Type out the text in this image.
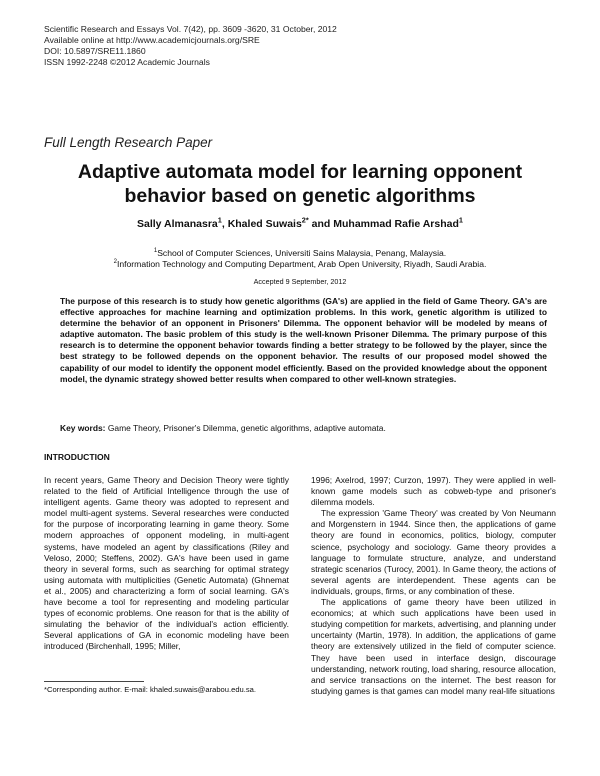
Scientific Research and Essays Vol. 7(42), pp. 3609 -3620, 31 October, 2012
Available online at http://www.academicjournals.org/SRE
DOI: 10.5897/SRE11.1860
ISSN 1992-2248 ©2012 Academic Journals
Full Length Research Paper
Adaptive automata model for learning opponent
behavior based on genetic algorithms
Sally Almanasra$^1$, Khaled Suwais$^{2*}$ and Muhammad Rafie Arshad$^1$
$^1$School of Computer Sciences, Universiti Sains Malaysia, Penang, Malaysia.
$^2$Information Technology and Computing Department, Arab Open University, Riyadh, Saudi Arabia.
Accepted 9 September, 2012
The purpose of this research is to study how genetic algorithms (GA's) are applied in the field of Game Theory. GA's are effective approaches for machine learning and optimization problems. In this work, genetic algorithm is utilized to determine the behavior of an opponent in Prisoners' Dilemma. The opponent behavior will be modeled by means of adaptive automaton. The basic problem of this study is the well-known Prisoner Dilemma. The primary purpose of this research is to determine the opponent behavior towards finding a better strategy to be followed by the player, since the best strategy to be followed depends on the opponent behavior. The results of our proposed model showed the capability of our model to identify the opponent model efficiently. Based on the provided knowledge about the opponent model, the dynamic strategy showed better results when compared to other well-known strategies.
Key words: Game Theory, Prisoner's Dilemma, genetic algorithms, adaptive automata.
INTRODUCTION

In recent years, Game Theory and Decision Theory were tightly related to the field of Artificial Intelligence through the use of intelligent agents. Game theory was adopted to represent and model multi-agent systems. Several researches were conducted for the purpose of incorporating learning in game theory. Some modern approaches of opponent modeling, in multi-agent systems, have modeled an agent by classifications (Riley and Veloso, 2000; Steffens, 2002). GA's have been used in game theory in several forms, such as searching for optimal strategy using automata with multiplicities (Genetic Automata) (Ghnemat et al., 2005) and characterizing a form of social learning. GA's have become a tool for representing and modeling particular types of economic problems. One reason for that is the ability of simulating the behavior of the individual's action efficiently. Several applications of GA in economic modeling have been introduced (Birchenhall, 1995; Miller,

1996; Axelrod, 1997; Curzon, 1997). They were applied in well-known game models such as cobweb-type and prisoner's dilemma models.

The expression 'Game Theory' was created by Von Neumann and Morgenstern in 1944. Since then, the applications of game theory are found in economics, politics, biology, computer science, psychology and sociology. Game theory provides a language to formulate structure, analyze, and understand strategic scenarios (Turocy, 2001). In Game theory, the actions of several agents are interdependent. These agents can be individuals, groups, firms, or any combination of these.

The applications of game theory have been utilized in economics; at which such applications have been used in studying competition for markets, advertising, and planning under uncertainty (Martin, 1978). In addition, the applications of game theory are extensively utilized in the field of computer science. They have been used in interface design, discourage understanding, network routing, load sharing, resource allocation, and service transactions on the internet. The best reason for studying games is that games can model many real-life situations

*Corresponding author. E-mail: khaled.suwais@arabou.edu.sa.
